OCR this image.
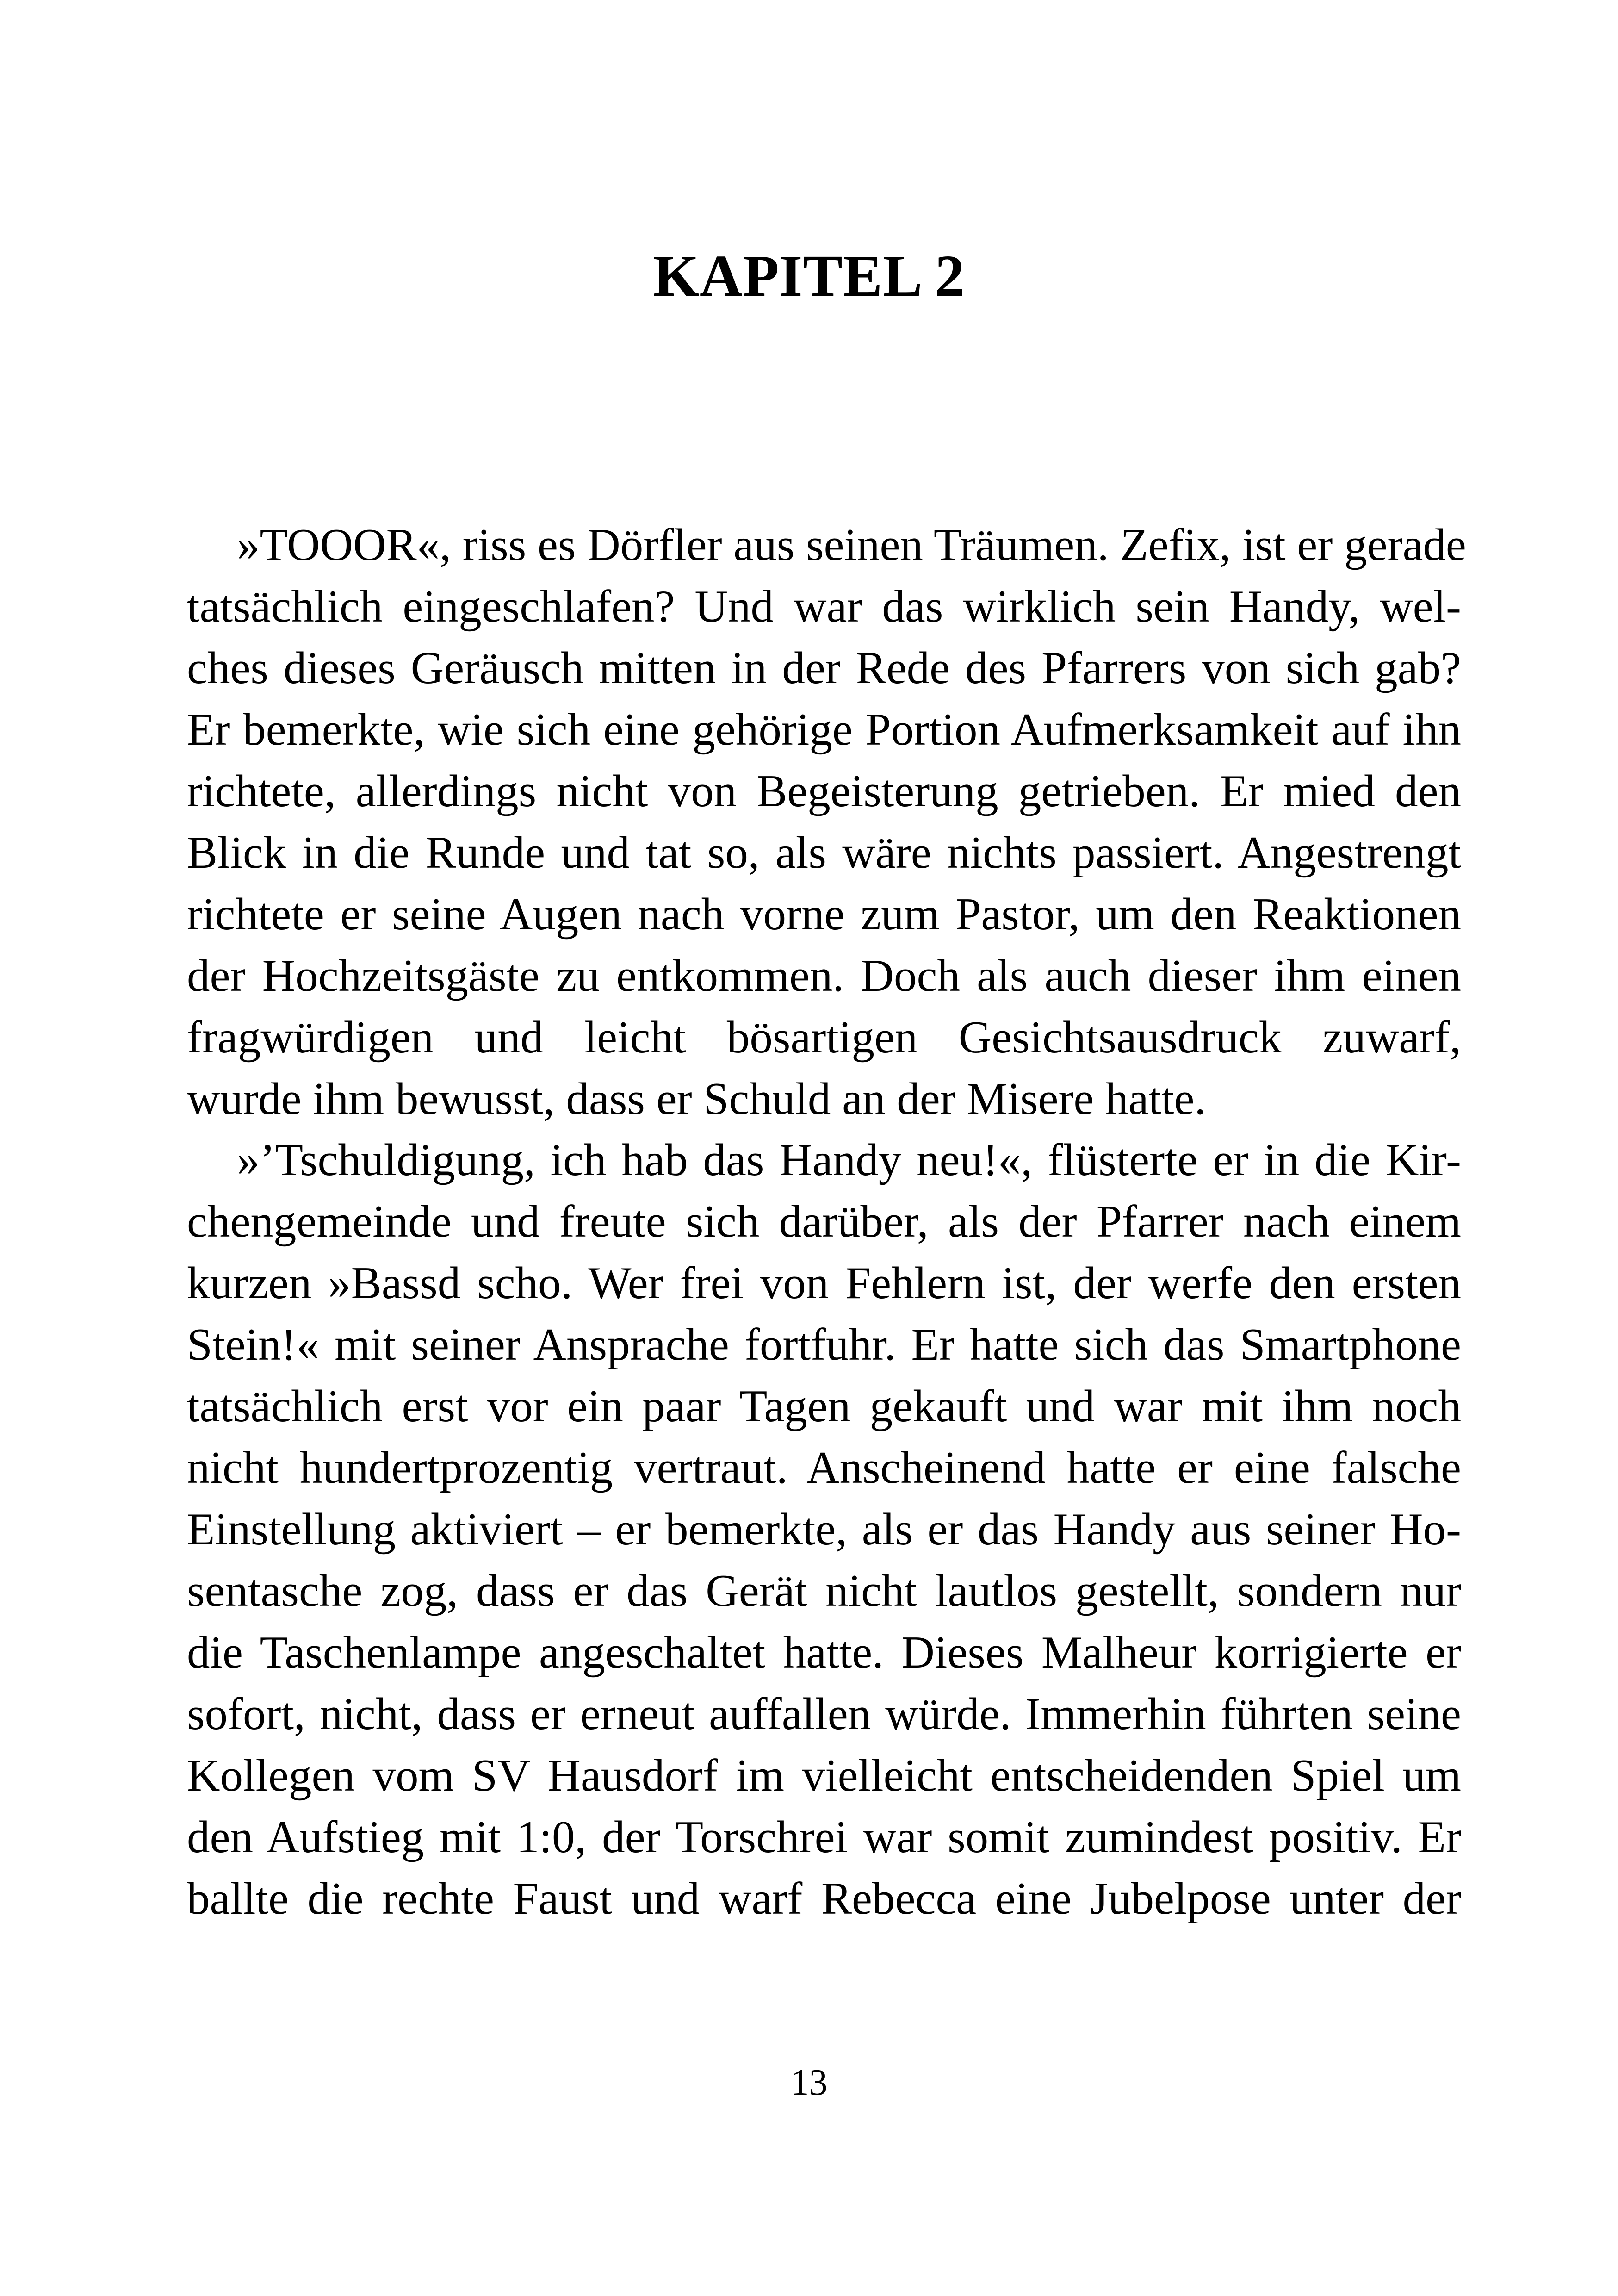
KAPITEL 2
»TOOOR«, riss es Dörfler aus seinen Träumen. Zefix, ist er gerade
tatsächlich eingeschlafen? Und war das wirklich sein Handy, wel-
ches dieses Geräusch mitten in der Rede des Pfarrers von sich gab?
Er bemerkte, wie sich eine gehörige Portion Aufmerksamkeit auf ihn
richtete, allerdings nicht von Begeisterung getrieben. Er mied den
Blick in die Runde und tat so, als wäre nichts passiert. Angestrengt
richtete er seine Augen nach vorne zum Pastor, um den Reaktionen
der Hochzeitsgäste zu entkommen. Doch als auch dieser ihm einen
fragwürdigen und leicht bösartigen Gesichtsausdruck zuwarf,
wurde ihm bewusst, dass er Schuld an der Misere hatte.
»’Tschuldigung, ich hab das Handy neu!«, flüsterte er in die Kir-
chengemeinde und freute sich darüber, als der Pfarrer nach einem
kurzen »Bassd scho. Wer frei von Fehlern ist, der werfe den ersten
Stein!« mit seiner Ansprache fortfuhr. Er hatte sich das Smartphone
tatsächlich erst vor ein paar Tagen gekauft und war mit ihm noch
nicht hundertprozentig vertraut. Anscheinend hatte er eine falsche
Einstellung aktiviert – er bemerkte, als er das Handy aus seiner Ho-
sentasche zog, dass er das Gerät nicht lautlos gestellt, sondern nur
die Taschenlampe angeschaltet hatte. Dieses Malheur korrigierte er
sofort, nicht, dass er erneut auffallen würde. Immerhin führten seine
Kollegen vom SV Hausdorf im vielleicht entscheidenden Spiel um
den Aufstieg mit 1:0, der Torschrei war somit zumindest positiv. Er
ballte die rechte Faust und warf Rebecca eine Jubelpose unter der
13
